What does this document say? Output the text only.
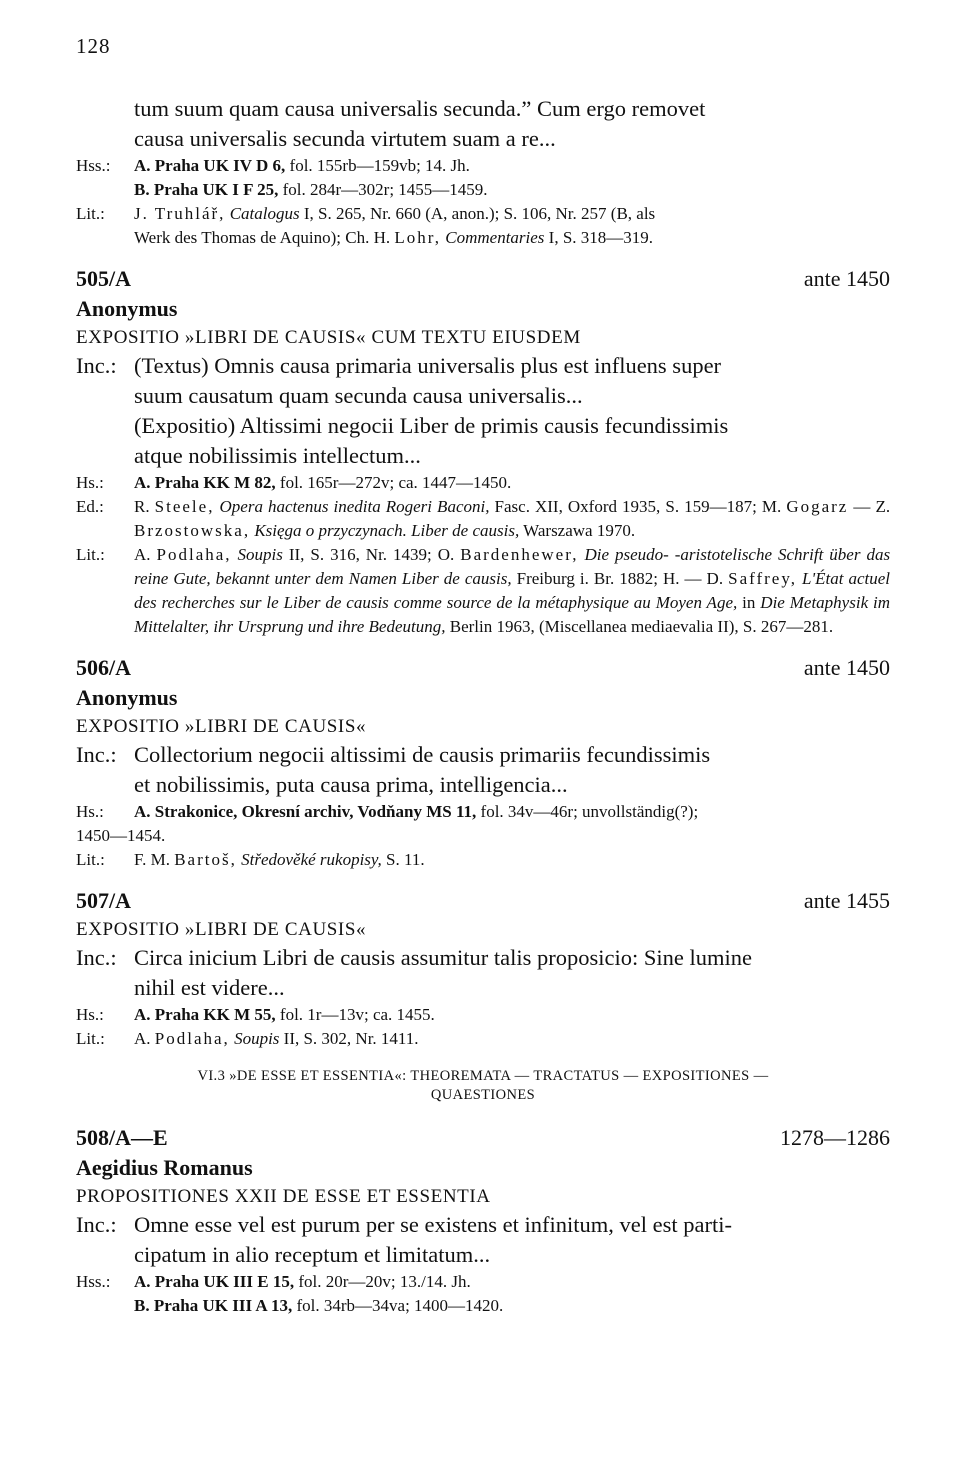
128
tum suum quam causa universalis secunda.” Cum ergo removet
causa universalis secunda virtutem suam a re...
Hss.: A. Praha UK IV D 6, fol. 155rb—159vb; 14. Jh.
B. Praha UK I F 25, fol. 284r—302r; 1455—1459.
Lit.: J. Truhlář, Catalogus I, S. 265, Nr. 660 (A, anon.); S. 106, Nr. 257 (B, als
Werk des Thomas de Aquino); Ch. H. Lohr, Commentaries I, S. 318—319.
505/A	ante 1450
Anonymus
EXPOSITIO »LIBRI DE CAUSIS« CUM TEXTU EIUSDEM
Inc.: (Textus) Omnis causa primaria universalis plus est influens super
suum causatum quam secunda causa universalis...
(Expositio) Altissimi negocii Liber de primis causis fecundissimis
atque nobilissimis intellectum...
Hs.: A. Praha KK M 82, fol. 165r—272v; ca. 1447—1450.
Ed.:	R. Steele, Opera hactenus inedita Rogeri Baconi, Fasc. XII, Oxford 1935, S. 159—187; M. Gogarz — Z. Brzostowska, Księga o przyczynach. Liber de causis, Warszawa 1970.
Lit.:	A. Podlaha, Soupis II, S. 316, Nr. 1439; O. Bardenhewer, Die pseudo- -aristotelische Schrift über das reine Gute, bekannt unter dem Namen Liber de causis, Freiburg i. Br. 1882; H. — D. Saffrey, L'État actuel des recherches sur le Liber de causis comme source de la métaphysique au Moyen Age, in Die Metaphysik im Mittelalter, ihr Ursprung und ihre Bedeutung, Berlin 1963, (Miscellanea mediaevalia II), S. 267—281.
506/A	ante 1450
Anonymus
EXPOSITIO »LIBRI DE CAUSIS«
Inc.: Collectorium negocii altissimi de causis primariis fecundissimis
et nobilissimis, puta causa prima, intelligencia...
Hs.: A. Strakonice, Okresní archiv, Vodňany MS 11, fol. 34v—46r; unvollständig(?);
1450—1454.
Lit.: F. M. Bartoš, Středověké rukopisy, S. 11.
507/A	ante 1455
EXPOSITIO »LIBRI DE CAUSIS«
Inc.: Circa inicium Libri de causis assumitur talis proposicio: Sine lumine
nihil est videre...
Hs.: A. Praha KK M 55, fol. 1r—13v; ca. 1455.
Lit.: A. Podlaha, Soupis II, S. 302, Nr. 1411.
VI.3 »DE ESSE ET ESSENTIA«: THEOREMATA — TRACTATUS — EXPOSITIONES —
QUAESTIONES
508/A—E	1278—1286
Aegidius Romanus
PROPOSITIONES XXII DE ESSE ET ESSENTIA
Inc.: Omne esse vel est purum per se existens et infinitum, vel est parti-
cipatum in alio receptum et limitatum...
Hss.: A. Praha UK III E 15, fol. 20r—20v; 13./14. Jh.
B. Praha UK III A 13, fol. 34rb—34va; 1400—1420.
